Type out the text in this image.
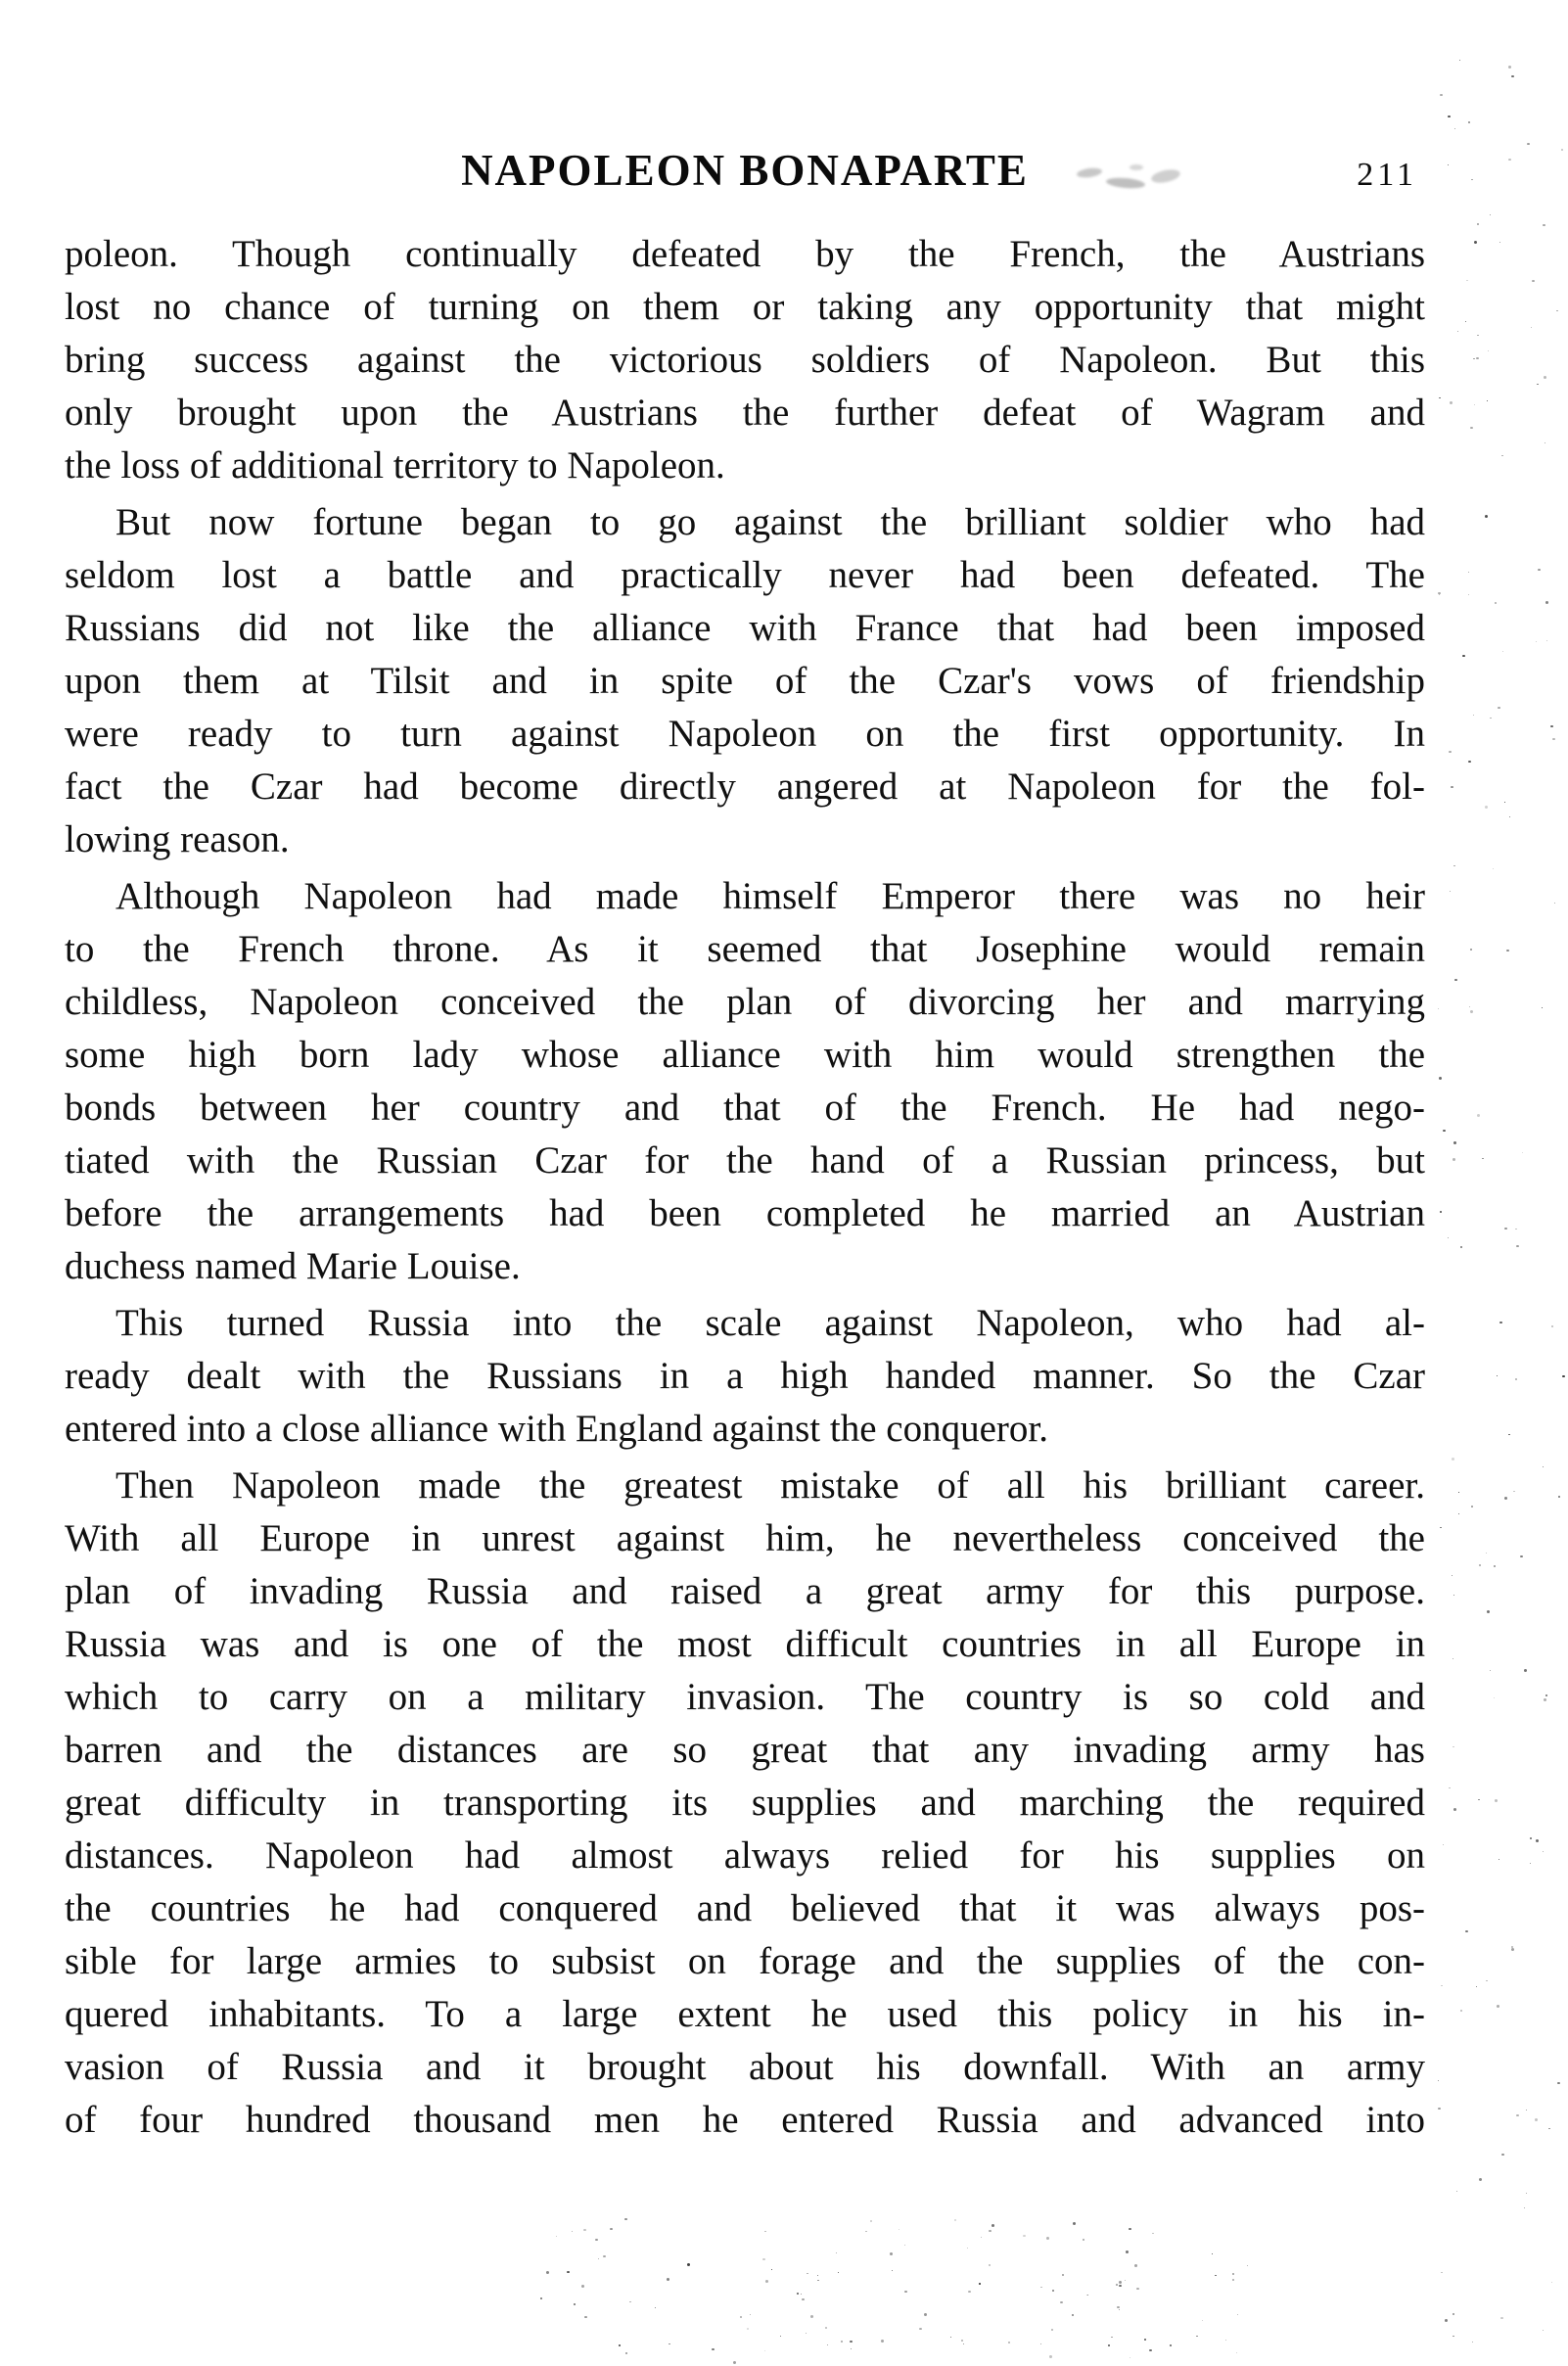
NAPOLEON BONAPARTE	211
poleon. Though continually defeated by the French, the Austrians
lost no chance of turning on them or taking any opportunity that might
bring success against the victorious soldiers of Napoleon. But this
only brought upon the Austrians the further defeat of Wagram and
the loss of additional territory to Napoleon.
But now fortune began to go against the brilliant soldier who had
seldom lost a battle and practically never had been defeated. The
Russians did not like the alliance with France that had been imposed
upon them at Tilsit and in spite of the Czar's vows of friendship
were ready to turn against Napoleon on the first opportunity. In
fact the Czar had become directly angered at Napoleon for the fol-
lowing reason.
Although Napoleon had made himself Emperor there was no heir
to the French throne. As it seemed that Josephine would remain
childless, Napoleon conceived the plan of divorcing her and marrying
some high born lady whose alliance with him would strengthen the
bonds between her country and that of the French. He had nego-
tiated with the Russian Czar for the hand of a Russian princess, but
before the arrangements had been completed he married an Austrian
duchess named Marie Louise.
This turned Russia into the scale against Napoleon, who had al-
ready dealt with the Russians in a high handed manner. So the Czar
entered into a close alliance with England against the conqueror.
Then Napoleon made the greatest mistake of all his brilliant career.
With all Europe in unrest against him, he nevertheless conceived the
plan of invading Russia and raised a great army for this purpose.
Russia was and is one of the most difficult countries in all Europe in
which to carry on a military invasion. The country is so cold and
barren and the distances are so great that any invading army has
great difficulty in transporting its supplies and marching the required
distances. Napoleon had almost always relied for his supplies on
the countries he had conquered and believed that it was always pos-
sible for large armies to subsist on forage and the supplies of the con-
quered inhabitants. To a large extent he used this policy in his in-
vasion of Russia and it brought about his downfall. With an army
of four hundred thousand men he entered Russia and advanced into
